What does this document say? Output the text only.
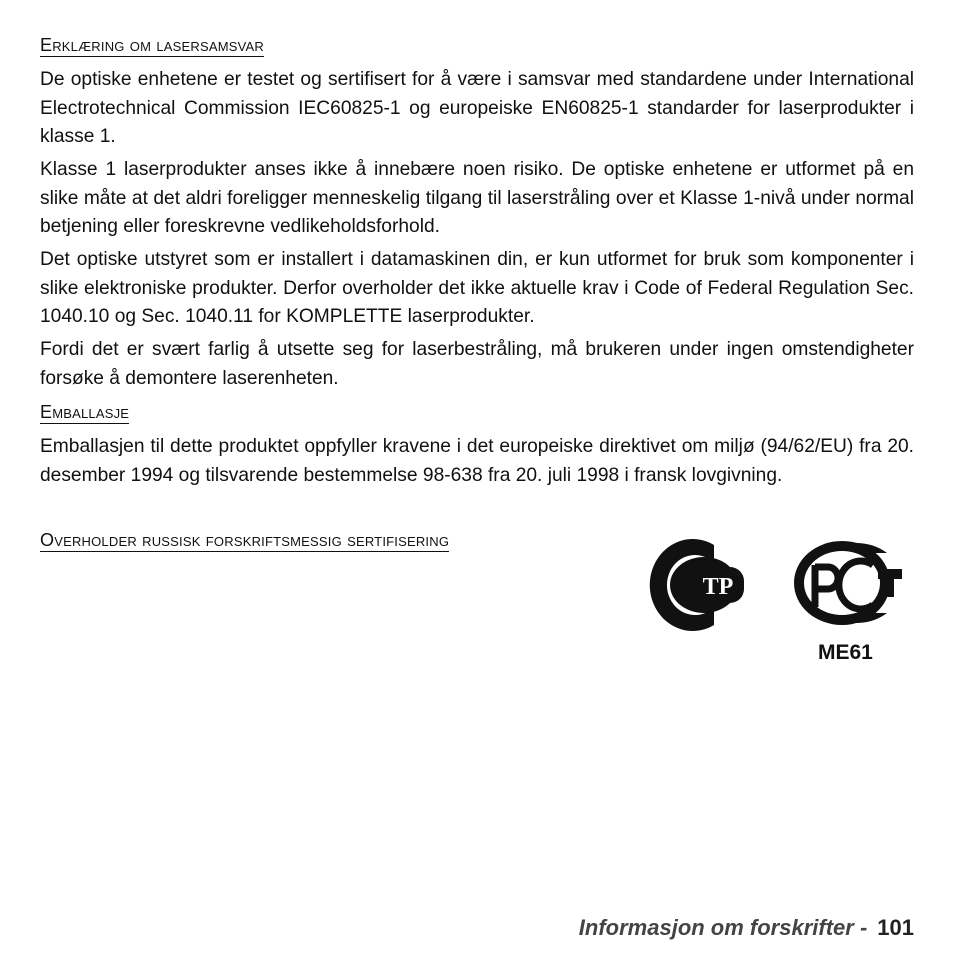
Erklæring om lasersamsvar

De optiske enhetene er testet og sertifisert for å være i samsvar med standardene under International Electrotechnical Commission IEC60825-1 og europeiske EN60825-1 standarder for laserprodukter i klasse 1.

Klasse 1 laserprodukter anses ikke å innebære noen risiko. De optiske enhetene er utformet på en slike måte at det aldri foreligger menneskelig tilgang til laserstråling over et Klasse 1-nivå under normal betjening eller foreskrevne vedlikeholdsforhold.

Det optiske utstyret som er installert i datamaskinen din, er kun utformet for bruk som komponenter i slike elektroniske produkter. Derfor overholder det ikke aktuelle krav i Code of Federal Regulation Sec. 1040.10 og Sec. 1040.11 for KOMPLETTE laserprodukter.

Fordi det er svært farlig å utsette seg for laserbestråling, må brukeren under ingen omstendigheter forsøke å demontere laserenheten.

Emballasje

Emballasjen til dette produktet oppfyller kravene i det europeiske direktivet om miljø (94/62/EU) fra 20. desember 1994 og tilsvarende bestemmelse 98-638 fra 20. juli 1998 i fransk lovgivning.

Overholder russisk forskriftsmessig sertifisering
ТР
ME61
Informasjon om forskrifter - 101
